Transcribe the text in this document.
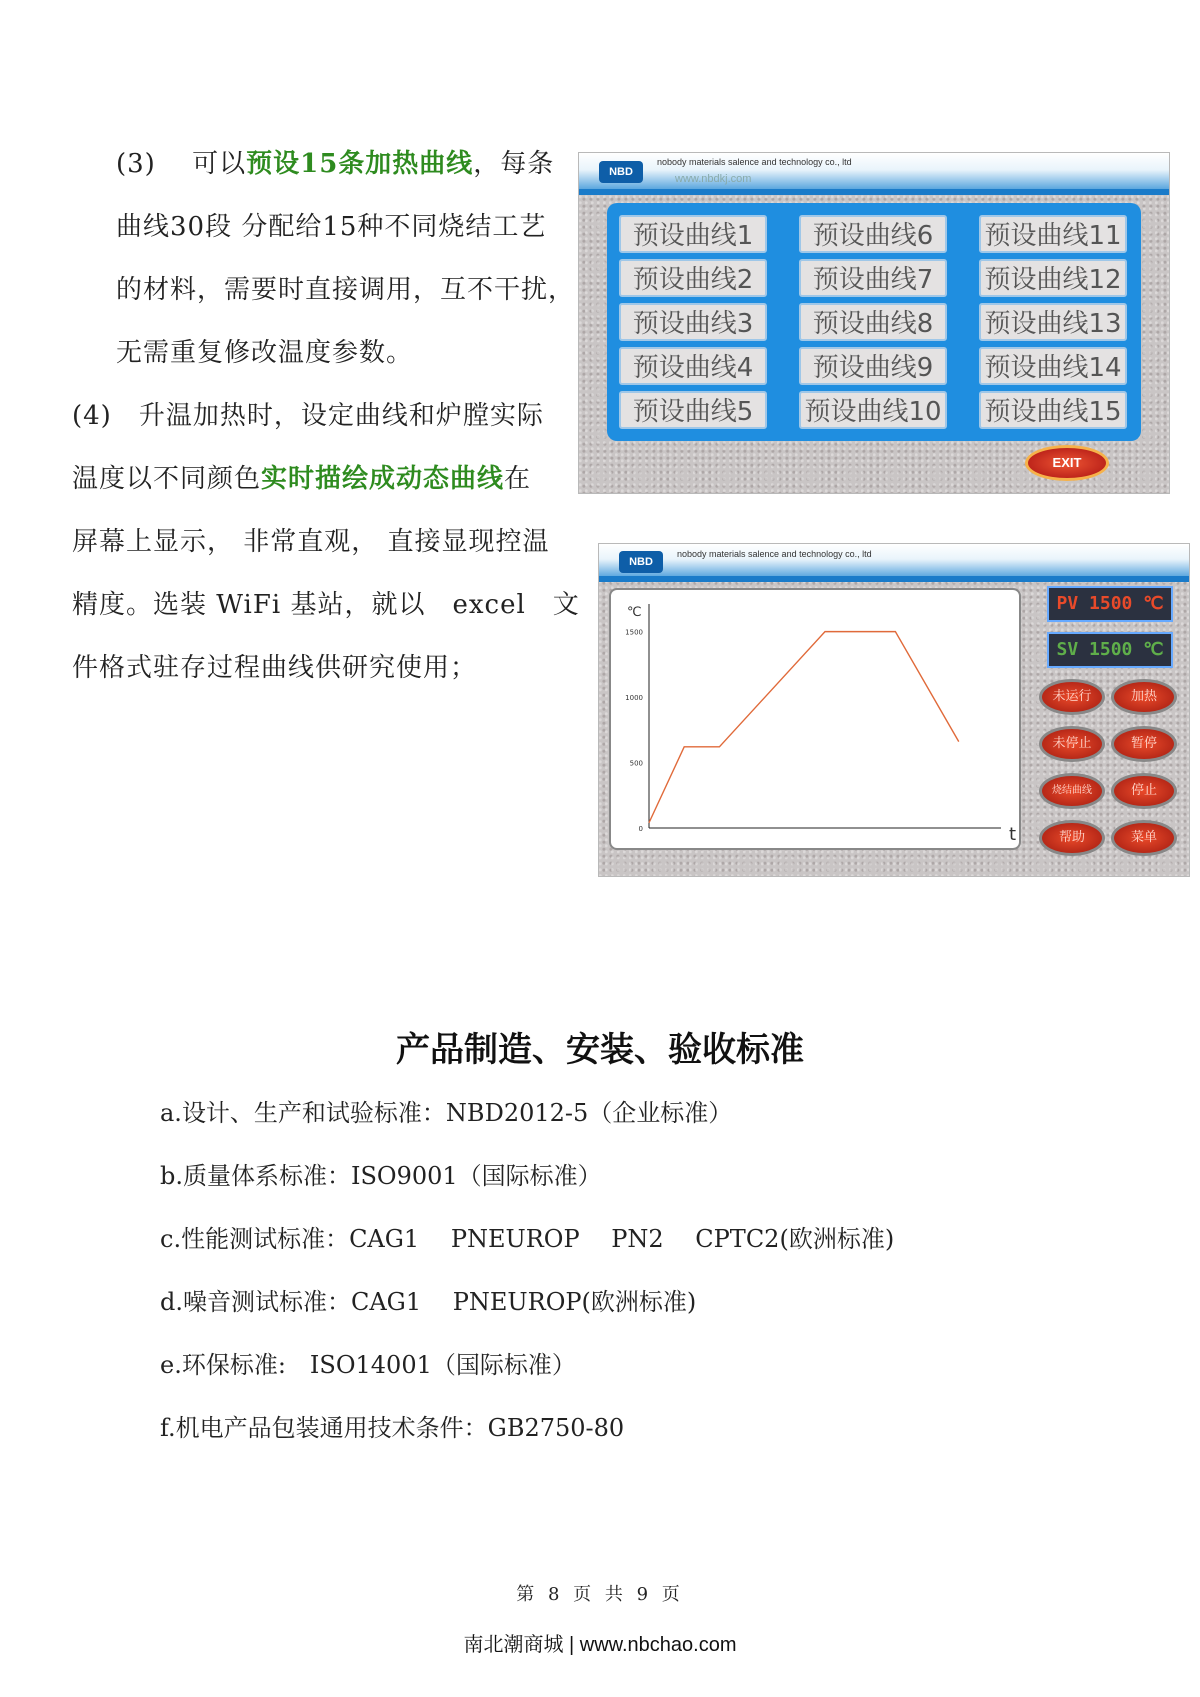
(3)　 可以预设15条加热曲线，每条
曲线30段 分配给15种不同烧结工艺
的材料，需要时直接调用，互不干扰，
无需重复修改温度参数。
(4)　升温加热时，设定曲线和炉膛实际
温度以不同颜色实时描绘成动态曲线在
屏幕上显示， 非常直观， 直接显现控温
精度。选装 WiFi 基站，就以　excel　文
件格式驻存过程曲线供研究使用；
NBD
nobody materials salence and technology co., ltd
www.nbdkj.com
预设曲线1
预设曲线2
预设曲线3
预设曲线4
预设曲线5
预设曲线6
预设曲线7
预设曲线8
预设曲线9
预设曲线10
预设曲线11
预设曲线12
预设曲线13
预设曲线14
预设曲线15
EXIT
NBD
nobody materials salence and technology co., ltd
℃
t
0
500
1000
1500
PV 1500 ℃
SV 1500 ℃
未运行	加热
未停止	暂停
烧结曲线	停止
帮助	菜单
产品制造、安装、验收标准
a.设计、生产和试验标准：NBD2012-5（企业标准）
b.质量体系标准：ISO9001（国际标准）
c.性能测试标准：CAG1　 PNEUROP　 PN2　 CPTC2(欧洲标准)
d.噪音测试标准：CAG1　 PNEUROP(欧洲标准)
e.环保标准:　ISO14001（国际标准）
f.机电产品包装通用技术条件：GB2750-80
第 8 页 共 9 页
南北潮商城 | www.nbchao.com
